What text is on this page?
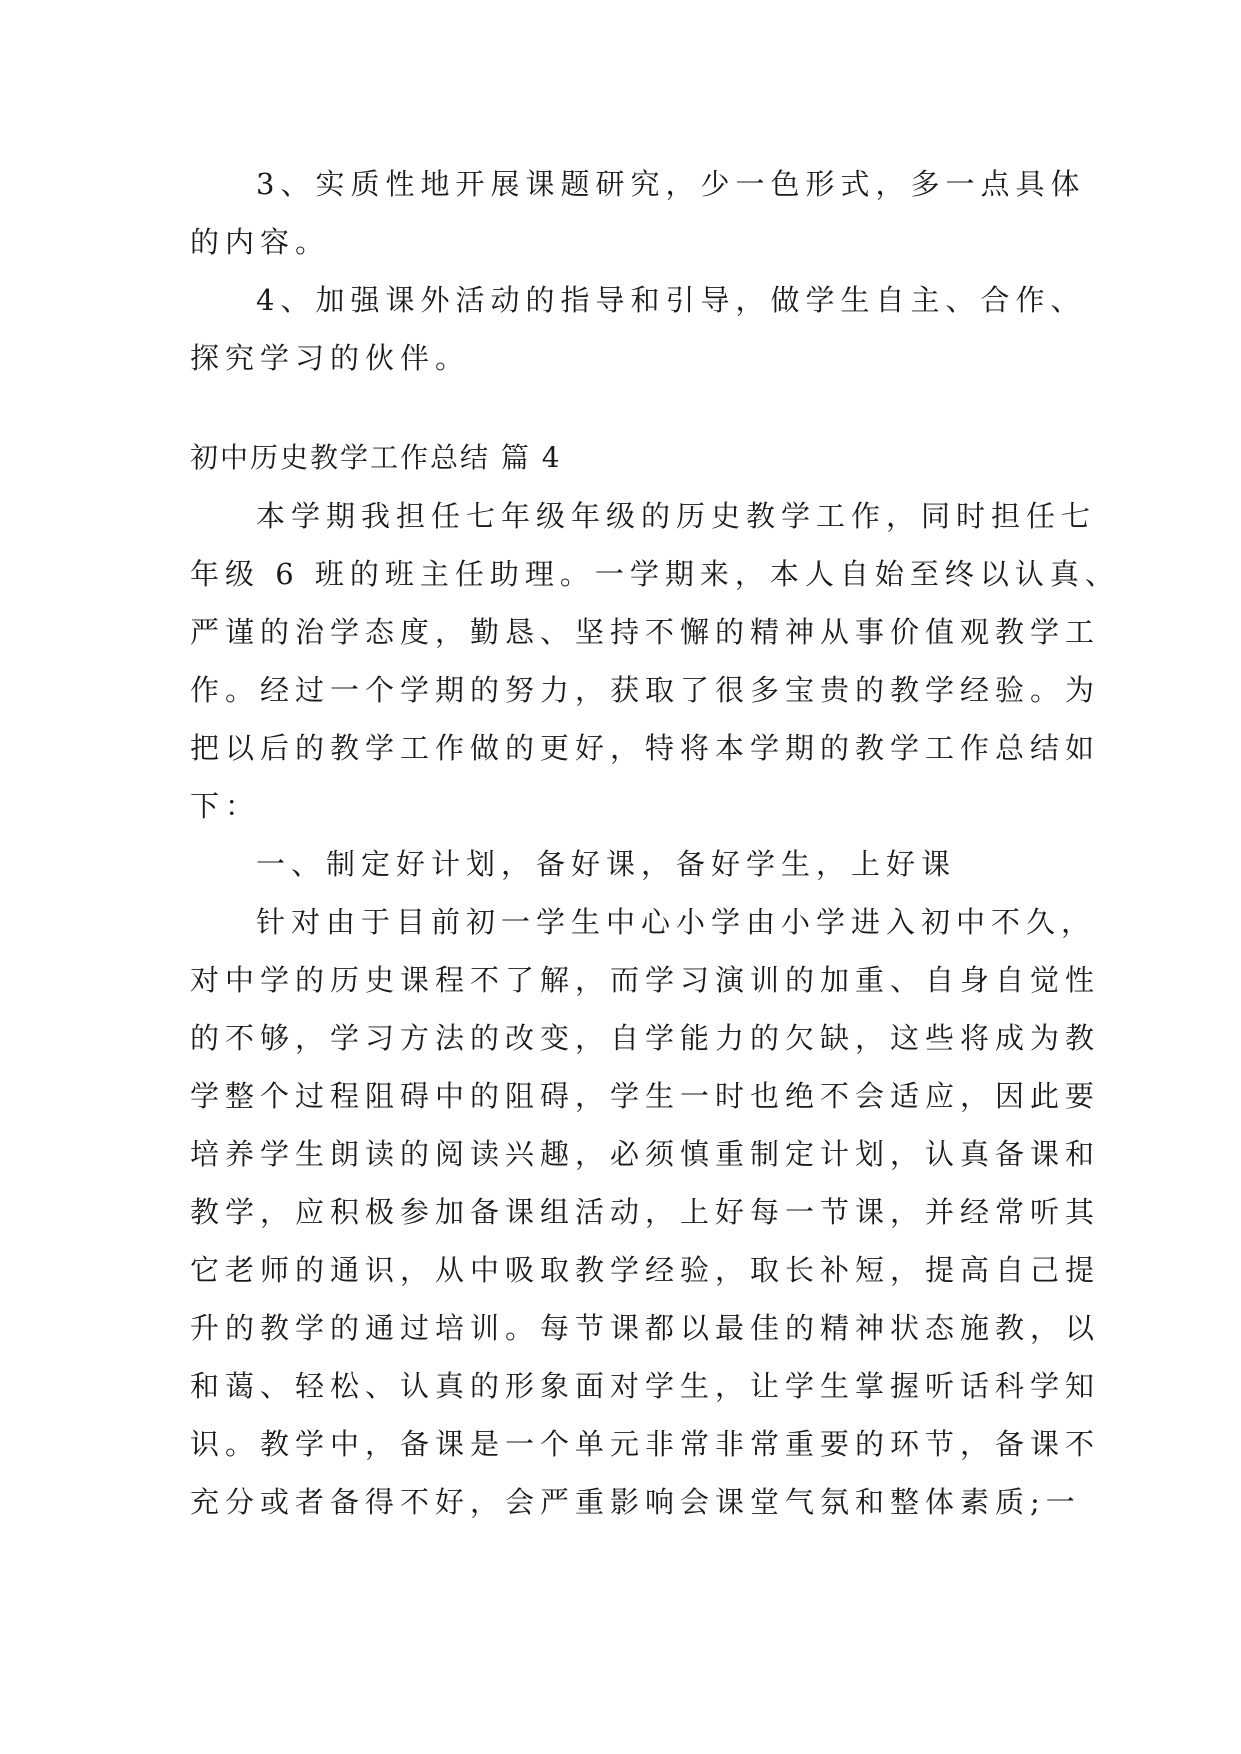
3、实质性地开展课题研究，少一色形式，多一点具体
的内容。
4、加强课外活动的指导和引导，做学生自主、合作、
探究学习的伙伴。
初中历史教学工作总结 篇 4
本学期我担任七年级年级的历史教学工作，同时担任七
年级 6 班的班主任助理。一学期来，本人自始至终以认真、
严谨的治学态度，勤恳、坚持不懈的精神从事价值观教学工
作。经过一个学期的努力，获取了很多宝贵的教学经验。为
把以后的教学工作做的更好，特将本学期的教学工作总结如
下：
一、制定好计划，备好课，备好学生，上好课
针对由于目前初一学生中心小学由小学进入初中不久，
对中学的历史课程不了解，而学习演训的加重、自身自觉性
的不够，学习方法的改变，自学能力的欠缺，这些将成为教
学整个过程阻碍中的阻碍，学生一时也绝不会适应，因此要
培养学生朗读的阅读兴趣，必须慎重制定计划，认真备课和
教学，应积极参加备课组活动，上好每一节课，并经常听其
它老师的通识，从中吸取教学经验，取长补短，提高自己提
升的教学的通过培训。每节课都以最佳的精神状态施教，以
和蔼、轻松、认真的形象面对学生，让学生掌握听话科学知
识。教学中，备课是一个单元非常非常重要的环节，备课不
充分或者备得不好，会严重影响会课堂气氛和整体素质;一
